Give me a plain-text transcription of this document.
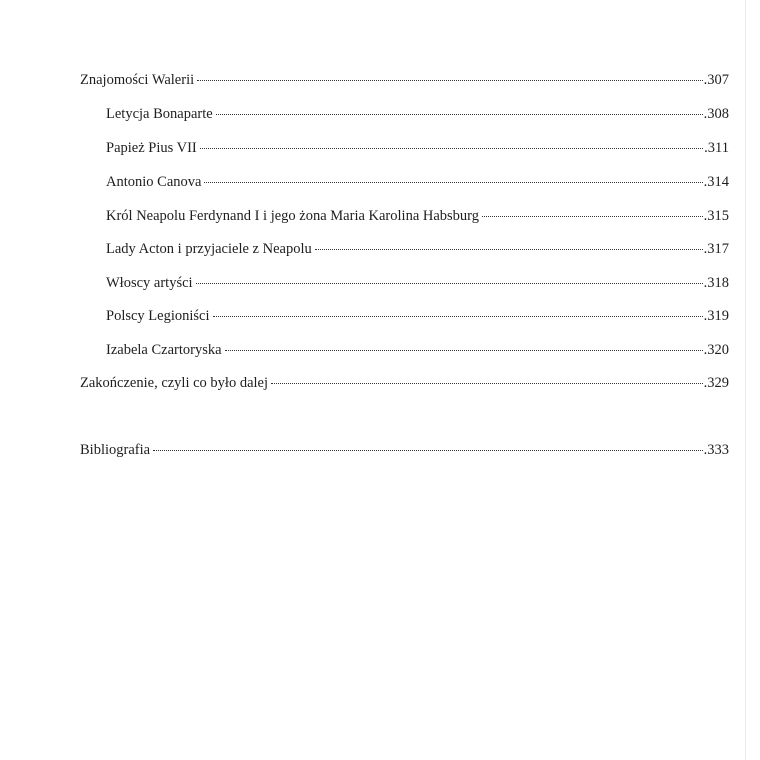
Znajomości Walerii	.307
Letycja Bonaparte	.308
Papież Pius VII	.311
Antonio Canova	.314
Król Neapolu Ferdynand I i jego żona Maria Karolina Habsburg	.315
Lady Acton i przyjaciele z Neapolu	.317
Włoscy artyści	.318
Polscy Legioniści	.319
Izabela Czartoryska	.320
Zakończenie, czyli co było dalej	.329
Bibliografia	.333
